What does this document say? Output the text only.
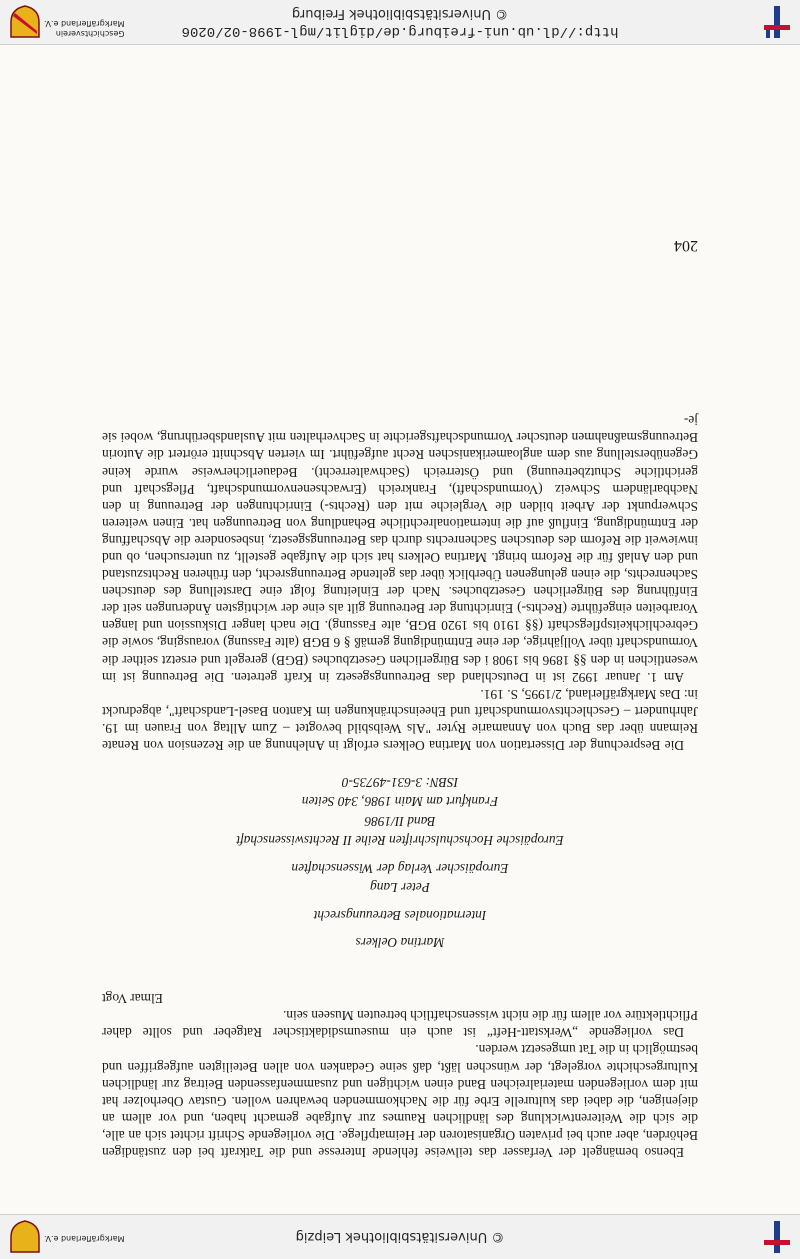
http://dl.ub.uni-freiburg.de/diglit/mgl-1998-02/0206
© Universitätsbibliothek Freiburg
Geschichtsverein
Markgräflerland e.V.
© Universitätsbibliothek Leipzig
Markgräflerland e.V.

204

Ebenso bemängelt der Verfasser das teilweise fehlende Interesse und die Tatkraft bei den zuständigen Behörden, aber auch bei privaten Organisatoren der Heimatpflege. Die vorliegende Schrift richtet sich an alle, die sich die Weiterentwicklung des ländlichen Raumes zur Aufgabe gemacht haben, und vor allem an diejenigen, die dabei das kulturelle Erbe für die Nachkommenden bewahren wollen. Gustav Oberholzer hat mit dem vorliegenden materialreichen Band einen wichtigen und zusammenfassenden Beitrag zur ländlichen Kulturgeschichte vorgelegt, der wünschen läßt, daß seine Gedanken von allen Beteiligten aufgegriffen und bestmöglich in die Tat umgesetzt werden.

Das vorliegende „Werkstatt-Heft“ ist auch ein museumsdidaktischer Ratgeber und sollte daher Pflichtlektüre vor allem für die nicht wissenschaftlich betreuten Museen sein.

Elmar Vogt

Martina Oelkers
Internationales Betreuungsrecht
Peter Lang
Europäischer Verlag der Wissenschaften
Europäische Hochschulschriften Reihe II Rechtswissenschaft
Band II/1986
Frankfurt am Main 1986, 340 Seiten
ISBN: 3-631-49735-0

Die Besprechung der Dissertation von Martina Oelkers erfolgt in Anlehnung an die Rezension von Renate Reimann über das Buch von Annamarie Ryter "Als Weibsbild bevogtet – Zum Alltag von Frauen im 19. Jahrhundert – Geschlechtsvormundschaft und Eheeinschränkungen im Kanton Basel-Landschaft", abgedruckt in: Das Markgräflerland, 2/1995, S. 191.

Am 1. Januar 1992 ist in Deutschland das Betreuungsgesetz in Kraft getreten. Die Betreuung ist im wesentlichen in den §§ 1896 bis 1908 i des Bürgerlichen Gesetzbuches (BGB) geregelt und ersetzt seither die Vormundschaft über Volljährige, der eine Entmündigung gemäß § 6 BGB (alte Fassung) vorausging, sowie die Gebrechlichkeitspflegschaft (§§ 1910 bis 1920 BGB, alte Fassung). Die nach langer Diskussion und langen Vorarbeiten eingeführte (Rechts-) Einrichtung der Betreuung gilt als eine der wichtigsten Änderungen seit der Einführung des Bürgerlichen Gesetzbuches. Nach der Einleitung folgt eine Darstellung des deutschen Sachenrechts, die einen gelungenen Überblick über das geltende Betreuungsrecht, den früheren Rechtszustand und den Anlaß für die Reform bringt. Martina Oelkers hat sich die Aufgabe gestellt, zu untersuchen, ob und inwieweit die Reform des deutschen Sachenrechts durch das Betreuungsgesetz, insbesondere die Abschaffung der Entmündigung, Einfluß auf die internationalrechtliche Behandlung von Betreuungen hat. Einen weiteren Schwerpunkt der Arbeit bilden die Vergleiche mit den (Rechts-) Einrichtungen der Betreuung in den Nachbarländern Schweiz (Vormundschaft), Frankreich (Erwachsenenvormundschaft, Pflegschaft und gerichtliche Schutzbetreuung) und Österreich (Sachwalterrecht). Bedauerlicherweise wurde keine Gegenüberstellung aus dem angloamerikanischen Recht aufgeführt. Im vierten Abschnitt erörtert die Autorin Betreuungsmaßnahmen deutscher Vormundschaftsgerichte in Sachverhalten mit Auslandsberührung, wobei sie je-
